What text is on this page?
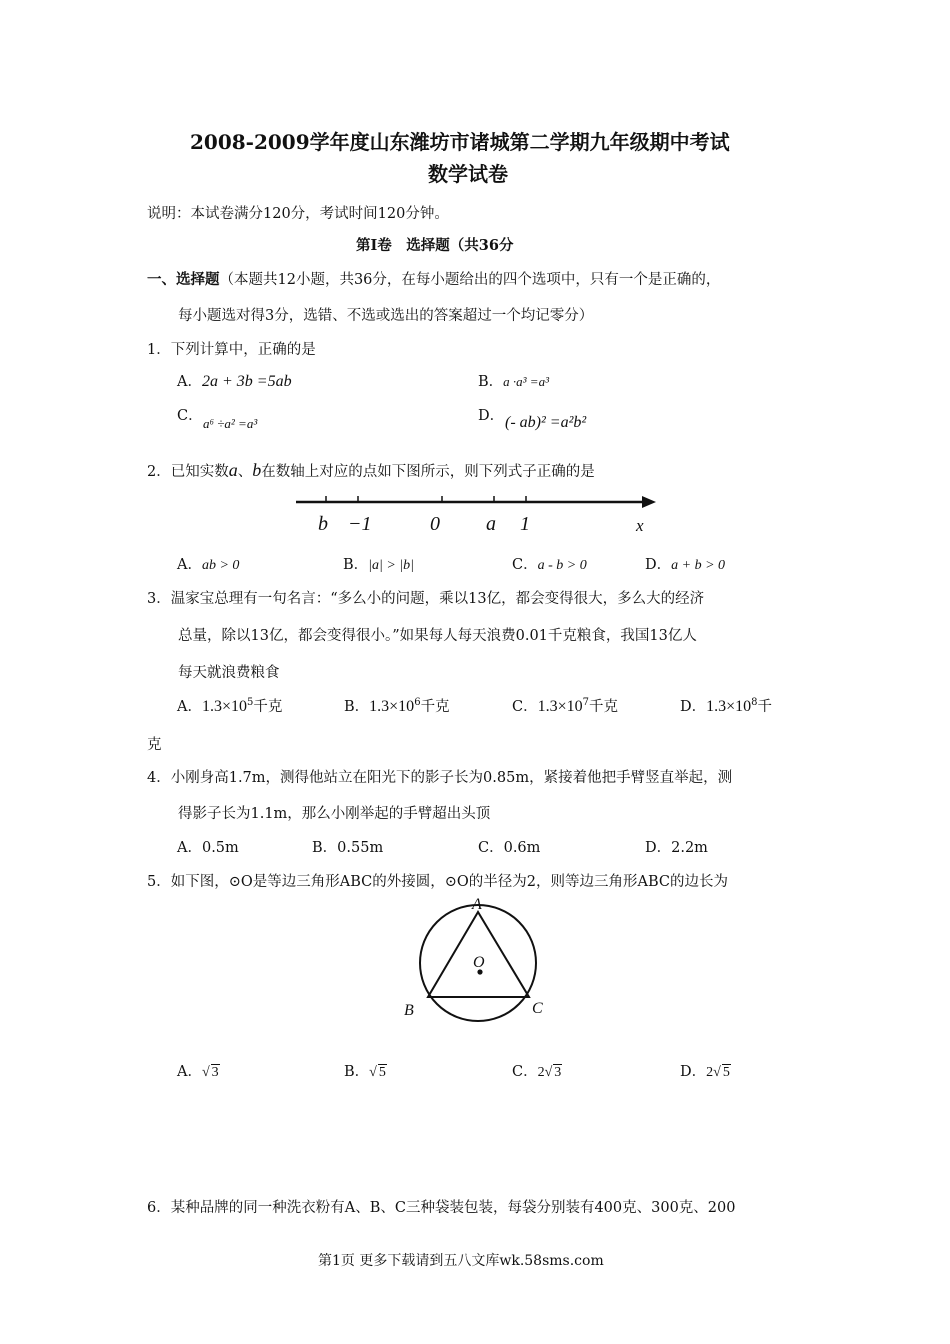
2008-2009学年度山东潍坊市诸城第二学期九年级期中考试
数学试卷
说明：本试卷满分120分，考试时间120分钟。
第Ⅰ卷　选择题（共36分
一、选择题（本题共12小题，共36分，在每小题给出的四个选项中，只有一个是正确的，
每小题选对得3分，选错、不选或选出的答案超过一个均记零分）
1．下列计算中，正确的是
A．2a + 3b =5ab	B．a ·a³ =a³
C． a⁶ ÷a² =a³	D． (- ab)² =a²b²
2．已知实数a、b在数轴上对应的点如下图所示，则下列式子正确的是
b −1	0 a 1	x
A．ab > 0	B．|a| > |b|	C．a - b > 0	D．a + b > 0
3．温家宝总理有一句名言：“多么小的问题，乘以13亿，都会变得很大，多么大的经济
总量，除以13亿，都会变得很小。”如果每人每天浪费0.01千克粮食，我国13亿人
每天就浪费粮食
A．$1.3\times 10^5$千克	B．$1.3\times 10^6$千克	C．$1.3\times 10^7$千克	D．$1.3\times 10^8$千
克
4．小刚身高1.7m，测得他站立在阳光下的影子长为0.85m，紧接着他把手臂竖直举起，测
得影子长为1.1m，那么小刚举起的手臂超出头顶
A．0.5m	B．0.55m	C．0.6m	D．2.2m
5．如下图，⊙O是等边三角形ABC的外接圆，⊙O的半径为2，则等边三角形ABC的边长为
A
O
B	C
A．√ 3	B．√ 5	C．2√ 3	D．2√ 5
6．某种品牌的同一种洗衣粉有A、B、C三种袋装包装，每袋分别装有400克、300克、200
第1页 更多下载请到五八文库wk.58sms.com
